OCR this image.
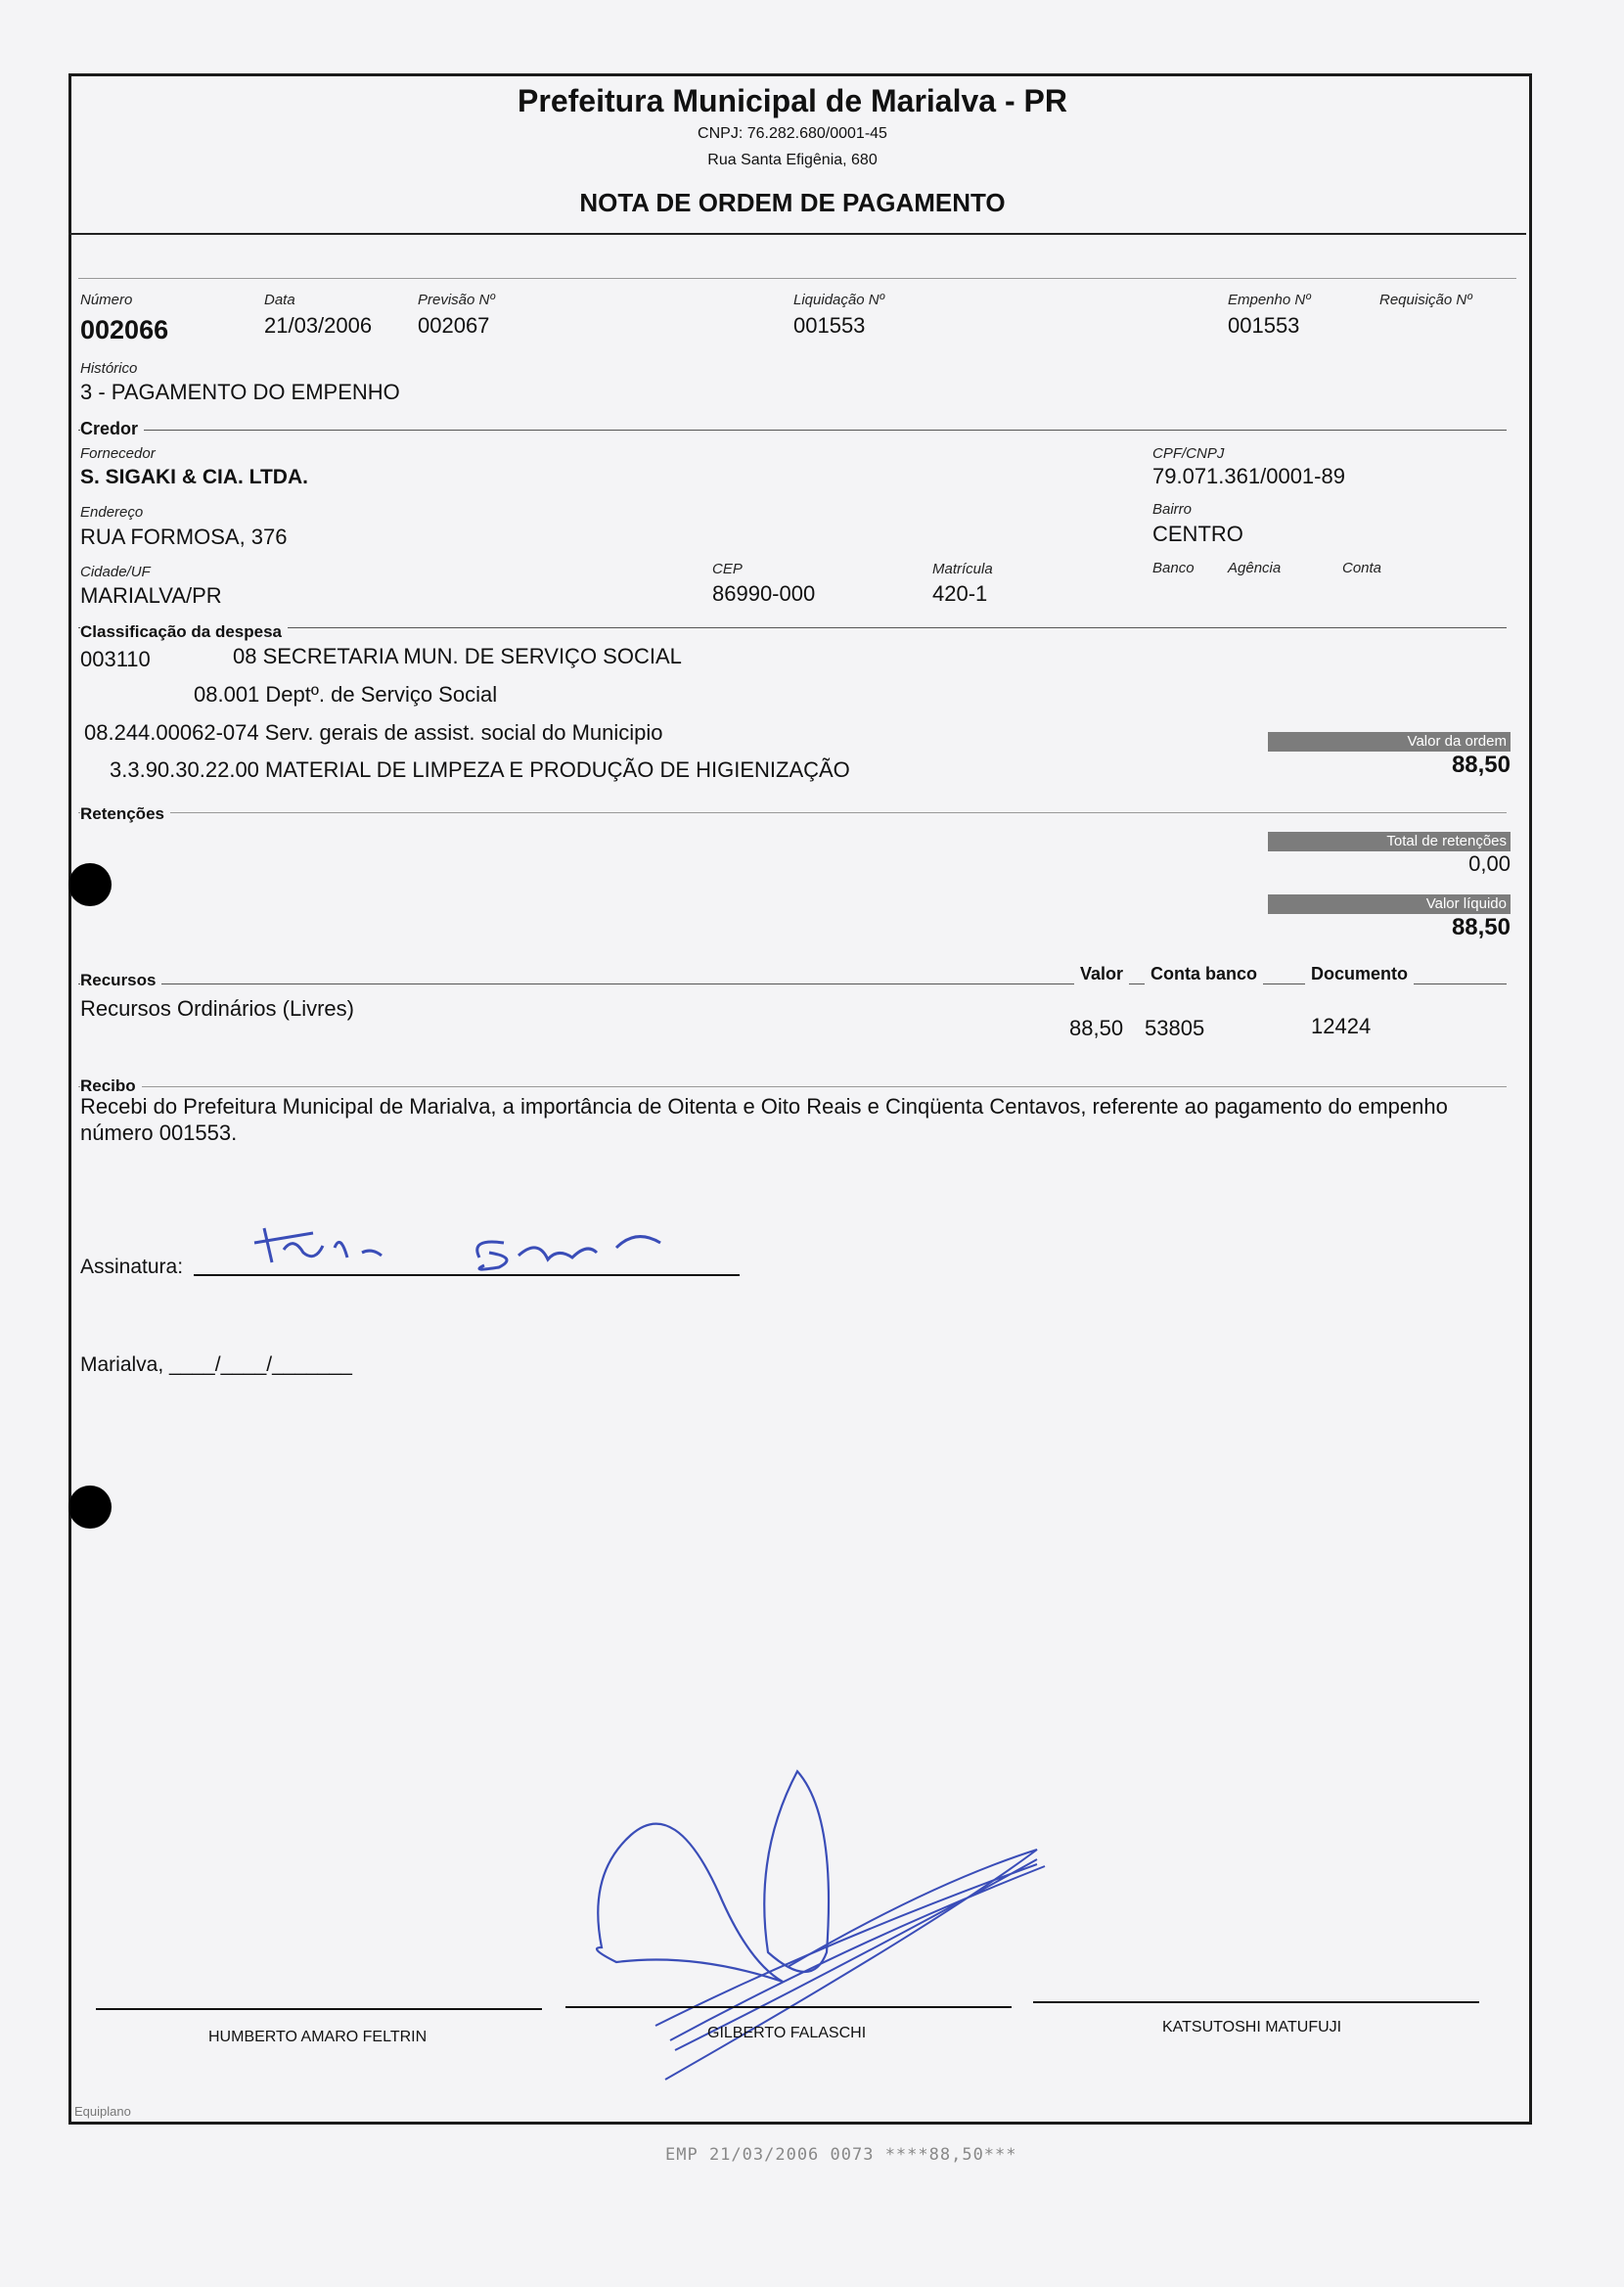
Prefeitura Municipal de Marialva - PR
CNPJ: 76.282.680/0001-45
Rua Santa Efigênia, 680
NOTA DE ORDEM DE PAGAMENTO
Número
002066
Data
21/03/2006
Previsão Nº
002067
Liquidação Nº
001553
Empenho Nº
001553
Requisição Nº
Histórico
3 - PAGAMENTO DO EMPENHO
Credor
Fornecedor
S. SIGAKI & CIA. LTDA.
CPF/CNPJ
79.071.361/0001-89
Endereço
RUA FORMOSA, 376
Bairro
CENTRO
Cidade/UF
MARIALVA/PR
CEP
86990-000
Matrícula
420-1
Banco Agência	Conta
Classificação da despesa
003110	08 SECRETARIA MUN. DE SERVIÇO SOCIAL
08.001 Deptº. de Serviço Social
08.244.00062-074 Serv. gerais de assist. social do Municipio
3.3.90.30.22.00 MATERIAL DE LIMPEZA E PRODUÇÃO DE HIGIENIZAÇÃO
Valor da ordem
88,50
Retenções
Total de retenções
0,00
Valor líquido
88,50
Recursos	Valor	Conta banco	Documento
Recursos Ordinários (Livres)
88,50 53805	12424
Recibo
Recebi do Prefeitura Municipal de Marialva, a importância de Oitenta e Oito Reais e Cinqüenta Centavos, referente ao pagamento do empenho número 001553.
Assinatura:
Marialva, ____/____/_______
HUMBERTO AMARO FELTRIN	GILBERTO FALASCHI	KATSUTOSHI MATUFUJI
Equiplano
EMP 21/03/2006 0073 ****88,50***
